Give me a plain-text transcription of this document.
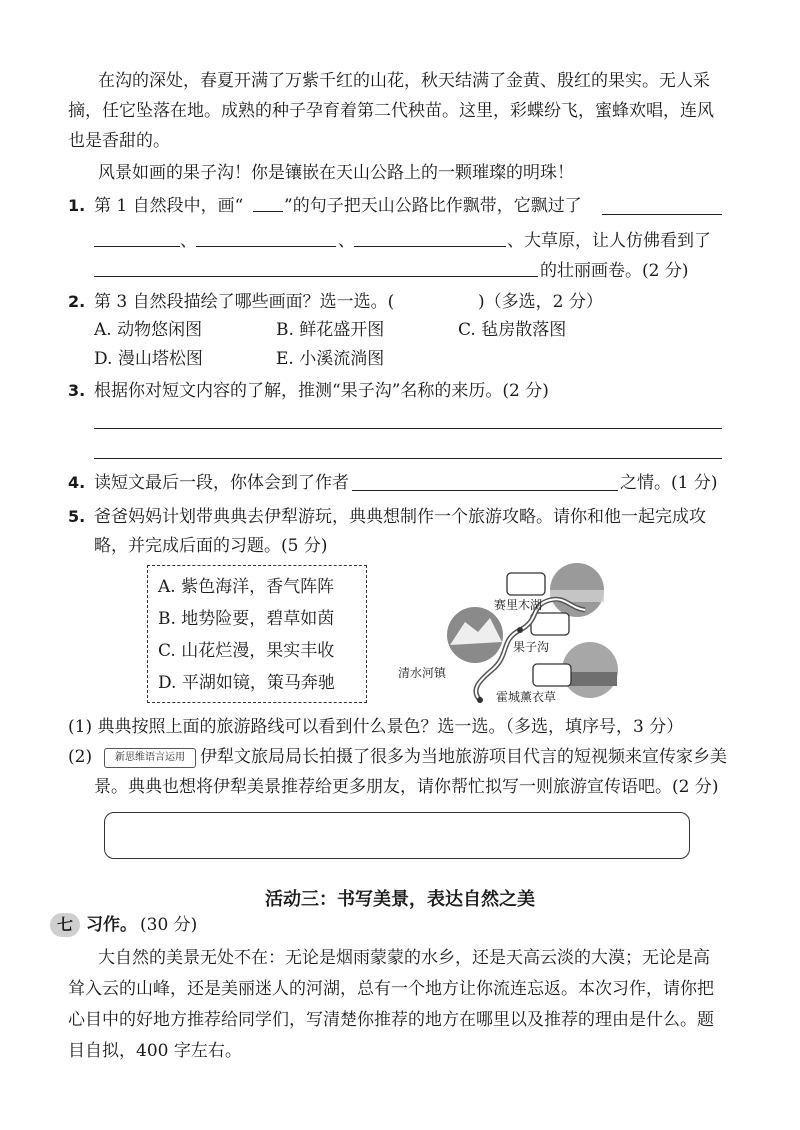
在沟的深处，春夏开满了万紫千红的山花，秋天结满了金黄、殷红的果实。无人采
摘，任它坠落在地。成熟的种子孕育着第二代秧苗。这里，彩蝶纷飞，蜜蜂欢唱，连风
也是香甜的。
风景如画的果子沟！你是镶嵌在天山公路上的一颗璀璨的明珠！
1. 第 1 自然段中，画“ ”的句子把天山公路比作飘带，它飘过了
、	、	、大草原，让人仿佛看到了
的壮丽画卷。(2 分)
2. 第 3 自然段描绘了哪些画面？选一选。(	)（多选，2 分）
A. 动物悠闲图	B. 鲜花盛开图	C. 毡房散落图
D. 漫山塔松图	E. 小溪流淌图
3. 根据你对短文内容的了解，推测“果子沟”名称的来历。(2 分)
4. 读短文最后一段，你体会到了作者	之情。(1 分)
5. 爸爸妈妈计划带典典去伊犁游玩，典典想制作一个旅游攻略。请你和他一起完成攻
略，并完成后面的习题。(5 分)
A. 紫色海洋，香气阵阵
B. 地势险要，碧草如茵
C. 山花烂漫，果实丰收
D. 平湖如镜，策马奔驰
赛里木湖
果子沟
清水河镇
霍城薰衣草
(1) 典典按照上面的旅游路线可以看到什么景色？选一选。（多选，填序号，3 分）
(2)	新思维语言运用 伊犁文旅局局长拍摄了很多为当地旅游项目代言的短视频来宣传家乡美
景。典典也想将伊犁美景推荐给更多朋友，请你帮忙拟写一则旅游宣传语吧。(2 分)
活动三：书写美景，表达自然之美
七 习作。 (30 分)
大自然的美景无处不在：无论是烟雨蒙蒙的水乡，还是天高云淡的大漠；无论是高
耸入云的山峰，还是美丽迷人的河湖，总有一个地方让你流连忘返。本次习作，请你把
心目中的好地方推荐给同学们，写清楚你推荐的地方在哪里以及推荐的理由是什么。题
目自拟，400 字左右。
